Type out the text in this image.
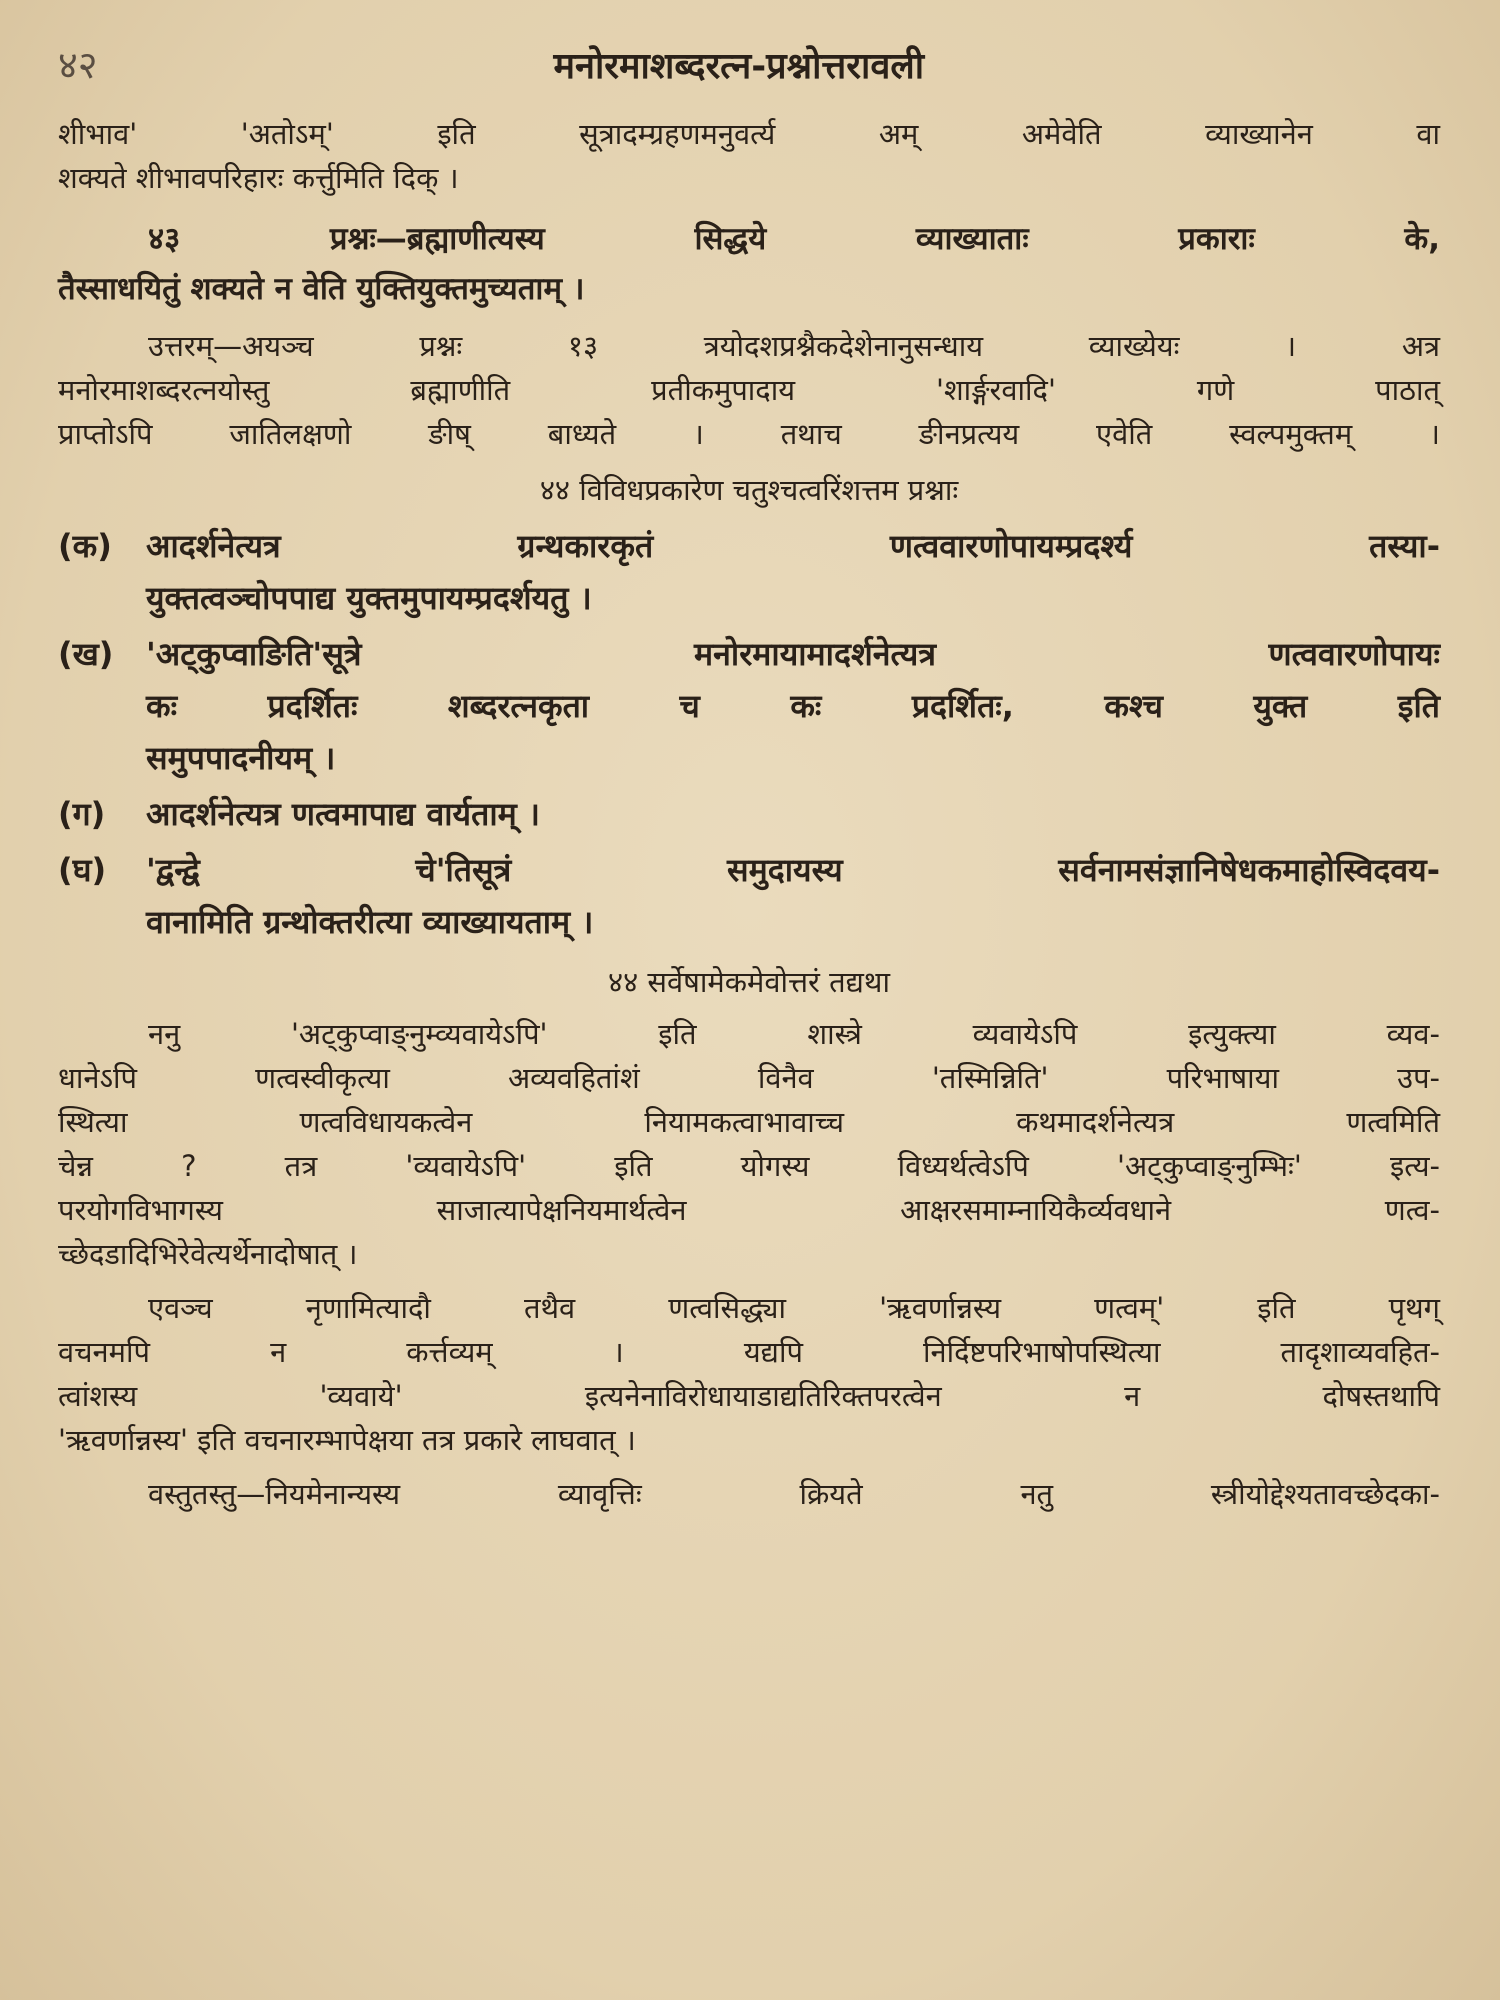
४२	मनोरमाशब्दरत्न-प्रश्नोत्तरावली

शीभाव' 'अतोऽम्' इति सूत्रादम्ग्रहणमनुवर्त्य अम् अमेवेति व्याख्यानेन वा

शक्यते शीभावपरिहारः कर्त्तुमिति दिक् ।

४३ प्रश्नः—ब्रह्माणीत्यस्य सिद्धये व्याख्याताः प्रकाराः के,

तैस्साधयितुं शक्यते न वेति युक्तियुक्तमुच्यताम् ।

उत्तरम्—अयञ्च प्रश्नः १३ त्रयोदशप्रश्नैकदेशेनानुसन्धाय व्याख्येयः । अत्र

मनोरमाशब्दरत्नयोस्तु ब्रह्माणीति प्रतीकमुपादाय 'शार्ङ्गरवादि' गणे पाठात्

प्राप्तोऽपि जातिलक्षणो ङीष् बाध्यते । तथाच ङीनप्रत्यय एवेति स्वल्पमुक्तम् ।

४४ विविधप्रकारेण चतुश्चत्वरिंशत्तम प्रश्नाः
(क)	आदर्शनेत्यत्र ग्रन्थकारकृतं णत्ववारणोपायम्प्रदर्श्य तस्या-
युक्तत्वञ्चोपपाद्य युक्तमुपायम्प्रदर्शयतु ।
(ख)	'अट्कुप्वाङिति'सूत्रे मनोरमायामादर्शनेत्यत्र णत्ववारणोपायः
कः प्रदर्शितः शब्दरत्नकृता च कः प्रदर्शितः, कश्च युक्त इति
समुपपादनीयम् ।
(ग)	आदर्शनेत्यत्र णत्वमापाद्य वार्यताम् ।
(घ)	'द्वन्द्वे चे'तिसूत्रं समुदायस्य सर्वनामसंज्ञानिषेधकमाहोस्विदवय-
वानामिति ग्रन्थोक्तरीत्या व्याख्यायताम् ।
४४ सर्वेषामेकमेवोत्तरं तद्यथा

ननु 'अट्कुप्वाङ्नुम्व्यवायेऽपि' इति शास्त्रे व्यवायेऽपि इत्युक्त्या व्यव-

धानेऽपि णत्वस्वीकृत्या अव्यवहितांशं विनैव 'तस्मिन्निति' परिभाषाया उप-

स्थित्या णत्वविधायकत्वेन नियामकत्वाभावाच्च कथमादर्शनेत्यत्र णत्वमिति

चेन्न ? तत्र 'व्यवायेऽपि' इति योगस्य विध्यर्थत्वेऽपि 'अट्कुप्वाङ्नुम्भिः' इत्य-

परयोगविभागस्य साजात्यापेक्षनियमार्थत्वेन आक्षरसमाम्नायिकैर्व्यवधाने णत्व-

च्छेदडादिभिरेवेत्यर्थेनादोषात् ।

एवञ्च नृणामित्यादौ तथैव णत्वसिद्ध्या 'ऋवर्णान्नस्य णत्वम्' इति पृथग्

वचनमपि न कर्त्तव्यम् । यद्यपि निर्दिष्टपरिभाषोपस्थित्या तादृशाव्यवहित-

त्वांशस्य 'व्यवाये' इत्यनेनाविरोधायाडाद्यतिरिक्तपरत्वेन न दोषस्तथापि

'ऋवर्णान्नस्य' इति वचनारम्भापेक्षया तत्र प्रकारे लाघवात् ।

वस्तुतस्तु—नियमेनान्यस्य व्यावृत्तिः क्रियते नतु स्त्रीयोद्देश्यतावच्छेदका-
